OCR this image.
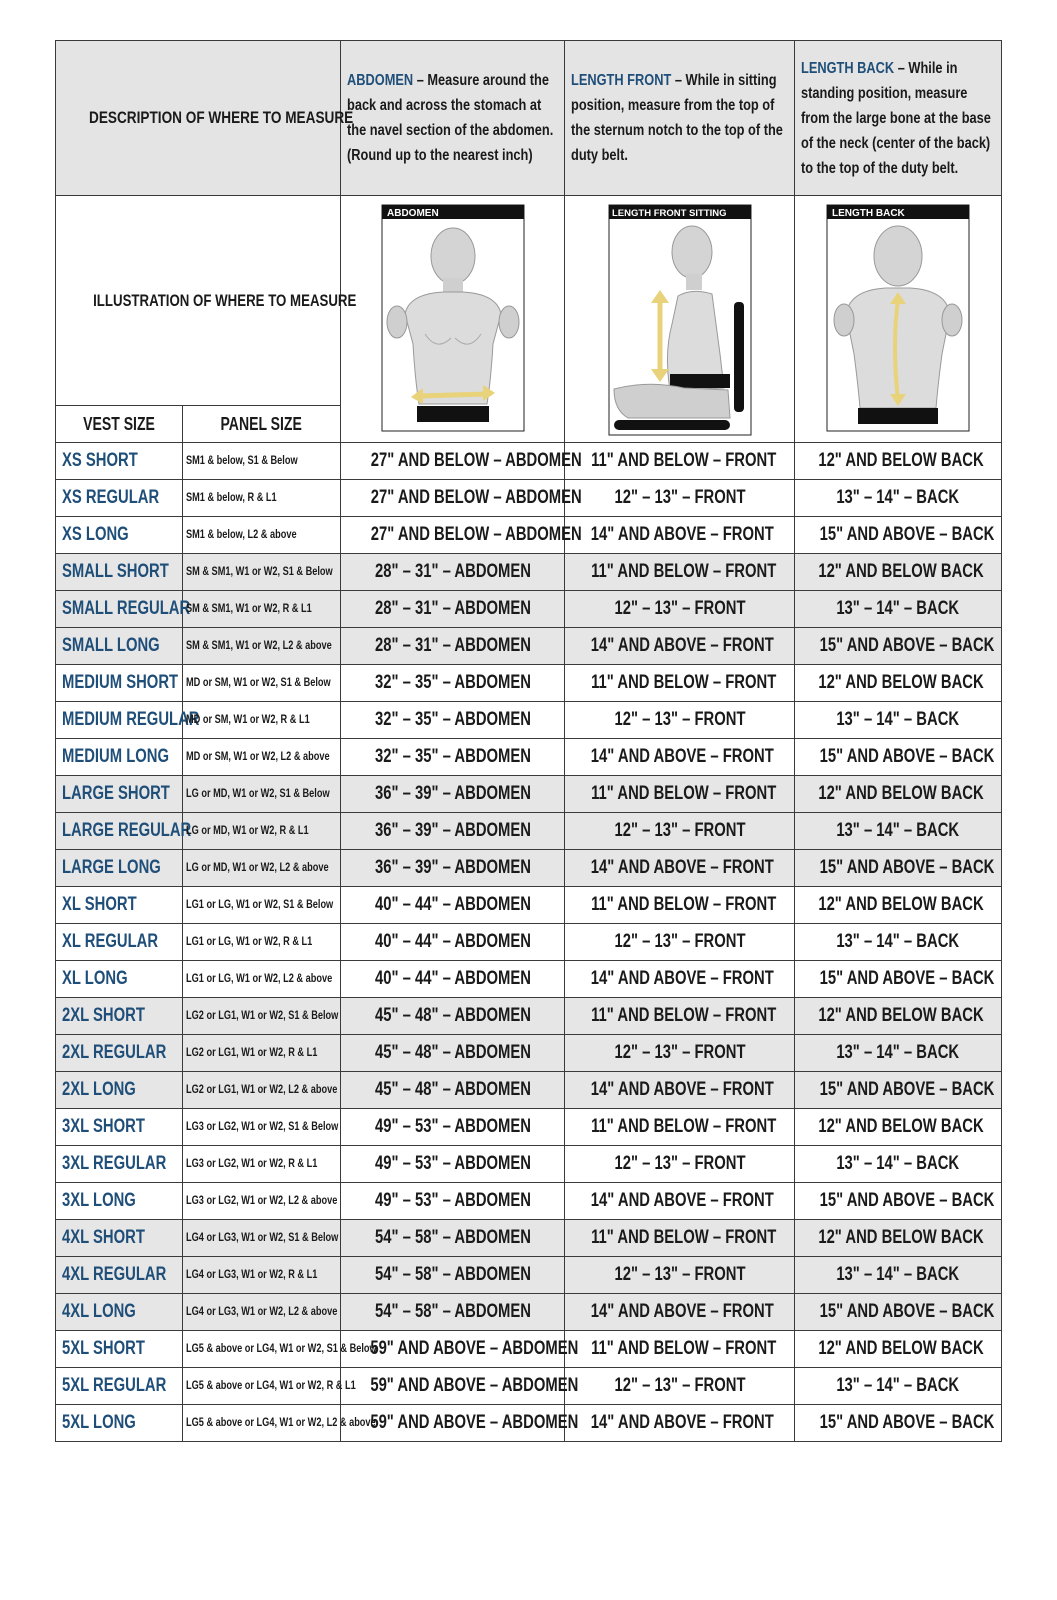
DESCRIPTION OF WHERE TO MEASURE		ABDOMEN – Measure around the back and across the stomach at the navel section of the abdomen. (Round up to the nearest inch)	LENGTH FRONT – While in sitting position, measure from the top of the sternum notch to the top of the duty belt.	LENGTH BACK – While in standing position, measure from the large bone at the base of the neck (center of the back) to the top of the duty belt.

ILLUSTRATION OF WHERE TO MEASURE		ABDOMEN	LENGTH FRONT SITTING	LENGTH BACK

VEST SIZE	PANEL SIZE			
XS SHORT	SM1 & below, S1 & Below	27" AND BELOW – ABDOMEN	11" AND BELOW – FRONT	12" AND BELOW BACK
XS REGULAR	SM1 & below, R & L1	27" AND BELOW – ABDOMEN	12" – 13" – FRONT	13" – 14" – BACK
XS LONG	SM1 & below, L2 & above	27" AND BELOW – ABDOMEN	14" AND ABOVE – FRONT	15" AND ABOVE – BACK
SMALL SHORT	SM & SM1, W1 or W2, S1 & Below	28" – 31" – ABDOMEN	11" AND BELOW – FRONT	12" AND BELOW BACK
SMALL REGULAR	SM & SM1, W1 or W2, R & L1	28" – 31" – ABDOMEN	12" – 13" – FRONT	13" – 14" – BACK
SMALL LONG	SM & SM1, W1 or W2, L2 & above	28" – 31" – ABDOMEN	14" AND ABOVE – FRONT	15" AND ABOVE – BACK
MEDIUM SHORT	MD or SM, W1 or W2, S1 & Below	32" – 35" – ABDOMEN	11" AND BELOW – FRONT	12" AND BELOW BACK
MEDIUM REGULAR	MD or SM, W1 or W2, R & L1	32" – 35" – ABDOMEN	12" – 13" – FRONT	13" – 14" – BACK
MEDIUM LONG	MD or SM, W1 or W2, L2 & above	32" – 35" – ABDOMEN	14" AND ABOVE – FRONT	15" AND ABOVE – BACK
LARGE SHORT	LG or MD, W1 or W2, S1 & Below	36" – 39" – ABDOMEN	11" AND BELOW – FRONT	12" AND BELOW BACK
LARGE REGULAR	LG or MD, W1 or W2, R & L1	36" – 39" – ABDOMEN	12" – 13" – FRONT	13" – 14" – BACK
LARGE LONG	LG or MD, W1 or W2, L2 & above	36" – 39" – ABDOMEN	14" AND ABOVE – FRONT	15" AND ABOVE – BACK
XL SHORT	LG1 or LG, W1 or W2, S1 & Below	40" – 44" – ABDOMEN	11" AND BELOW – FRONT	12" AND BELOW BACK
XL REGULAR	LG1 or LG, W1 or W2, R & L1	40" – 44" – ABDOMEN	12" – 13" – FRONT	13" – 14" – BACK
XL LONG	LG1 or LG, W1 or W2, L2 & above	40" – 44" – ABDOMEN	14" AND ABOVE – FRONT	15" AND ABOVE – BACK
2XL SHORT	LG2 or LG1, W1 or W2, S1 & Below	45" – 48" – ABDOMEN	11" AND BELOW – FRONT	12" AND BELOW BACK
2XL REGULAR	LG2 or LG1, W1 or W2, R & L1	45" – 48" – ABDOMEN	12" – 13" – FRONT	13" – 14" – BACK
2XL LONG	LG2 or LG1, W1 or W2, L2 & above	45" – 48" – ABDOMEN	14" AND ABOVE – FRONT	15" AND ABOVE – BACK
3XL SHORT	LG3 or LG2, W1 or W2, S1 & Below	49" – 53" – ABDOMEN	11" AND BELOW – FRONT	12" AND BELOW BACK
3XL REGULAR	LG3 or LG2, W1 or W2, R & L1	49" – 53" – ABDOMEN	12" – 13" – FRONT	13" – 14" – BACK
3XL LONG	LG3 or LG2, W1 or W2, L2 & above	49" – 53" – ABDOMEN	14" AND ABOVE – FRONT	15" AND ABOVE – BACK
4XL SHORT	LG4 or LG3, W1 or W2, S1 & Below	54" – 58" – ABDOMEN	11" AND BELOW – FRONT	12" AND BELOW BACK
4XL REGULAR	LG4 or LG3, W1 or W2, R & L1	54" – 58" – ABDOMEN	12" – 13" – FRONT	13" – 14" – BACK
4XL LONG	LG4 or LG3, W1 or W2, L2 & above	54" – 58" – ABDOMEN	14" AND ABOVE – FRONT	15" AND ABOVE – BACK
5XL SHORT	LG5 & above or LG4, W1 or W2, S1 & Below	59" AND ABOVE – ABDOMEN	11" AND BELOW – FRONT	12" AND BELOW BACK
5XL REGULAR	LG5 & above or LG4, W1 or W2, R & L1	59" AND ABOVE – ABDOMEN	12" – 13" – FRONT	13" – 14" – BACK
5XL LONG	LG5 & above or LG4, W1 or W2, L2 & above	59" AND ABOVE – ABDOMEN	14" AND ABOVE – FRONT	15" AND ABOVE – BACK
